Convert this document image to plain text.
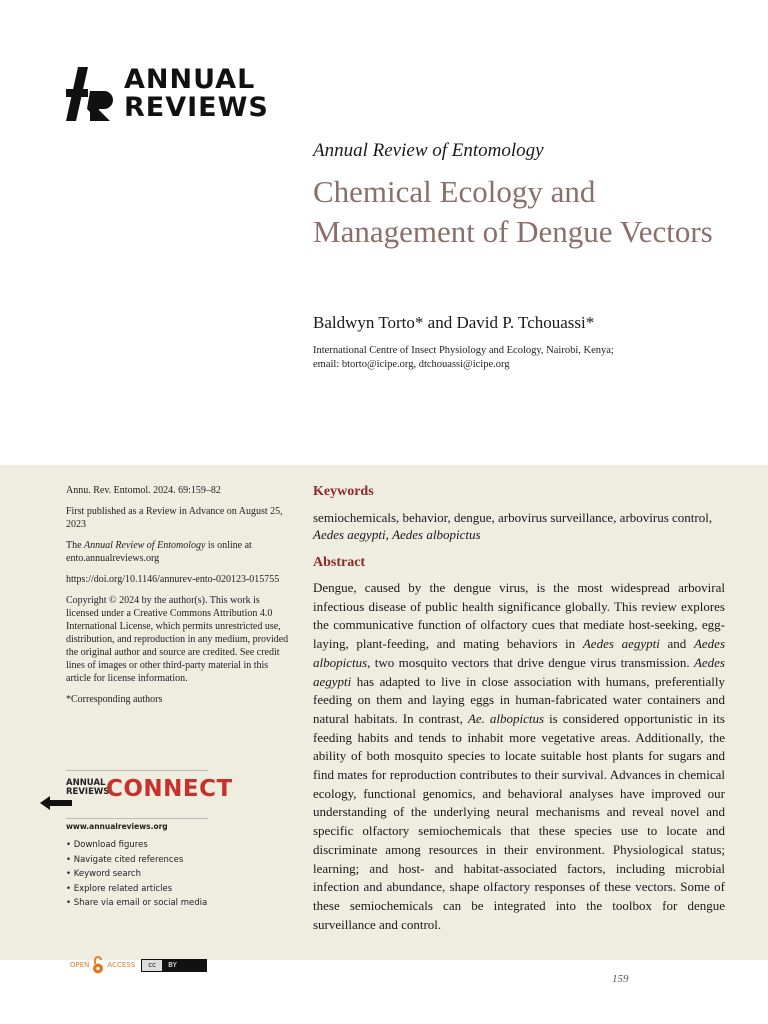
ANNUAL
REVIEWS
Annual Review of Entomology
Chemical Ecology and Management of Dengue Vectors
Baldwyn Torto* and David P. Tchouassi*
International Centre of Insect Physiology and Ecology, Nairobi, Kenya;
email: btorto@icipe.org, dtchouassi@icipe.org

Annu. Rev. Entomol. 2024. 69:159–82

First published as a Review in Advance on August 25, 2023

The Annual Review of Entomology is online at ento.annualreviews.org

https://doi.org/10.1146/annurev-ento-020123-015755

Copyright © 2024 by the author(s). This work is licensed under a Creative Commons Attribution 4.0 International License, which permits unrestricted use, distribution, and reproduction in any medium, provided the original author and source are credited. See credit lines of images or other third-party material in this article for license information.

*Corresponding authors

Keywords
semiochemicals, behavior, dengue, arbovirus surveillance, arbovirus control, Aedes aegypti, Aedes albopictus
Abstract
Dengue, caused by the dengue virus, is the most widespread arboviral infectious disease of public health significance globally. This review explores the communicative function of olfactory cues that mediate host-seeking, egg-laying, plant-feeding, and mating behaviors in Aedes aegypti and Aedes albopictus, two mosquito vectors that drive dengue virus transmission. Aedes aegypti has adapted to live in close association with humans, preferentially feeding on them and laying eggs in human-fabricated water containers and natural habitats. In contrast, Ae. albopictus is considered opportunistic in its feeding habits and tends to inhabit more vegetative areas. Additionally, the ability of both mosquito species to locate suitable host plants for sugars and find mates for reproduction contributes to their survival. Advances in chemical ecology, functional genomics, and behavioral analyses have improved our understanding of the underlying neural mechanisms and reveal novel and specific olfactory semiochemicals that these species use to locate and discriminate among resources in their environment. Physiological status; learning; and host- and habitat-associated factors, including microbial infection and abundance, shape olfactory responses of these vectors. Some of these semiochemicals can be integrated into the toolbox for dengue surveillance and control.
ANNUAL
REVIEWS
CONNECT
www.annualreviews.org
• Download figures
• Navigate cited references
• Keyword search
• Explore related articles
• Share via email or social media
OPEN	ACCESS	cc	BY
159
